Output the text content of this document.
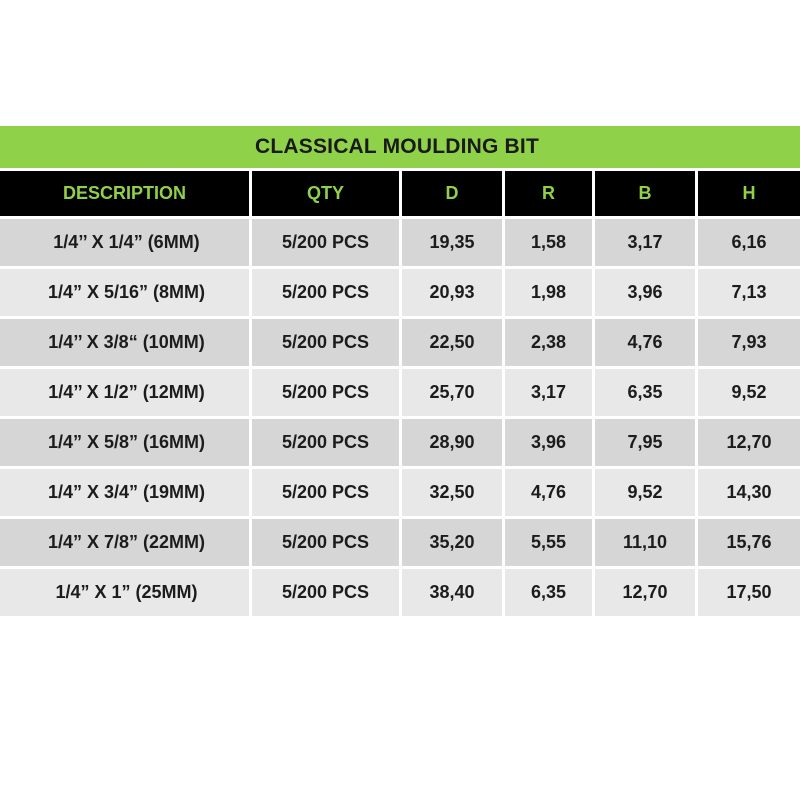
CLASSICAL MOULDING BIT
DESCRIPTION	QTY	D	R	B	H
1/4’’ X 1/4” (6MM)	5/200 PCS	19,35	1,58	3,17	6,16
1/4” X 5/16” (8MM)	5/200 PCS	20,93	1,98	3,96	7,13
1/4’’ X 3/8“ (10MM)	5/200 PCS	22,50	2,38	4,76	7,93
1/4’’ X 1/2” (12MM)	5/200 PCS	25,70	3,17	6,35	9,52
1/4” X 5/8” (16MM)	5/200 PCS	28,90	3,96	7,95	12,70
1/4” X 3/4” (19MM)	5/200 PCS	32,50	4,76	9,52	14,30
1/4” X 7/8” (22MM)	5/200 PCS	35,20	5,55	11,10	15,76
1/4” X 1” (25MM)	5/200 PCS	38,40	6,35	12,70	17,50
